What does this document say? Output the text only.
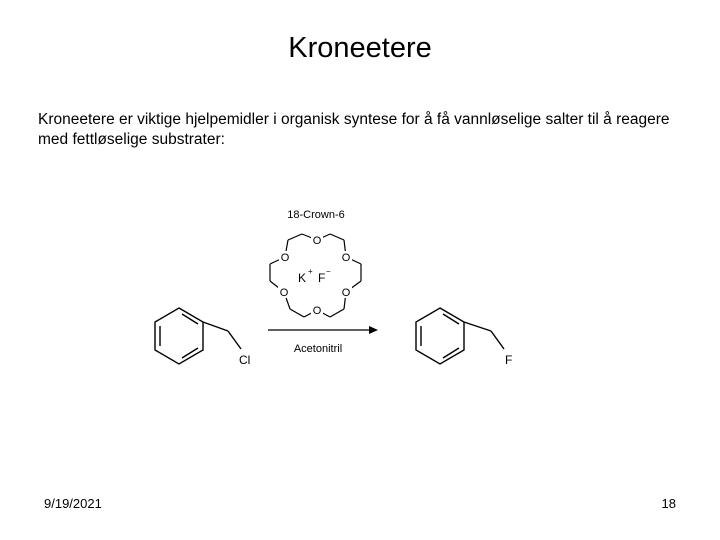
Kroneetere
Kroneetere er viktige hjelpemidler i organisk syntese for å få vannløselige salter til å reagere med fettløselige substrater:
Cl
Acetonitril
18-Crown-6
O
O	O
O	O
O
K + F −
F
9/19/2021	18
